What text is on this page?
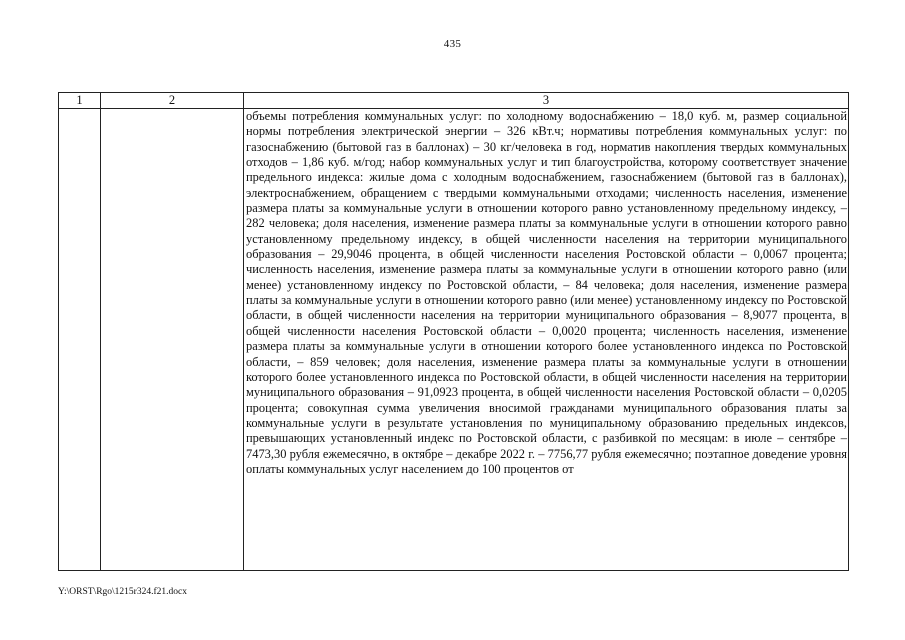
435
1	2	3

		объемы потребления коммунальных услуг: по холодному водоснабжению – 18,0 куб. м, размер социальной нормы потребления электрической энергии – 326 кВт.ч; нормативы потребления коммунальных услуг: по газоснабжению (бытовой газ в баллонах) – 30 кг/человека в год, норматив накопления твердых коммунальных отходов – 1,86 куб. м/год; набор коммунальных услуг и тип благоустройства, которому соответствует значение предельного индекса: жилые дома с холодным водоснабжением, газоснабжением (бытовой газ в баллонах), электроснабжением, обращением с твердыми коммунальными отходами; численность населения, изменение размера платы за коммунальные услуги в отношении которого равно установленному предельному индексу, – 282 человека; доля населения, изменение размера платы за коммунальные услуги в отношении которого равно установленному предельному индексу, в общей численности населения на территории муниципального образования – 29,9046 процента, в общей численности населения Ростовской области – 0,0067 процента; численность населения, изменение размера платы за коммунальные услуги в отношении которого равно (или менее) установленному индексу по Ростовской области, – 84 человека; доля населения, изменение размера платы за коммунальные услуги в отношении которого равно (или менее) установленному индексу по Ростовской области, в общей численности населения на территории муниципального образования – 8,9077 процента, в общей численности населения Ростовской области – 0,0020 процента; численность населения, изменение размера платы за коммунальные услуги в отношении которого более установленного индекса по Ростовской области, – 859 человек; доля населения, изменение размера платы за коммунальные услуги в отношении которого более установленного индекса по Ростовской области, в общей численности населения на территории муниципального образования – 91,0923 процента, в общей численности населения Ростовской области – 0,0205 процента; совокупная сумма увеличения вносимой гражданами муниципального образования платы за коммунальные услуги в результате установления по муниципальному образованию предельных индексов, превышающих установленный индекс по Ростовской области, с разбивкой по месяцам: в июле – сентябре – 7473,30 рубля ежемесячно, в октябре – декабре 2022 г. – 7756,77 рубля ежемесячно; поэтапное доведение уровня оплаты коммунальных услуг населением до 100 процентов от
Y:\ORST\Rgo\1215r324.f21.docx
